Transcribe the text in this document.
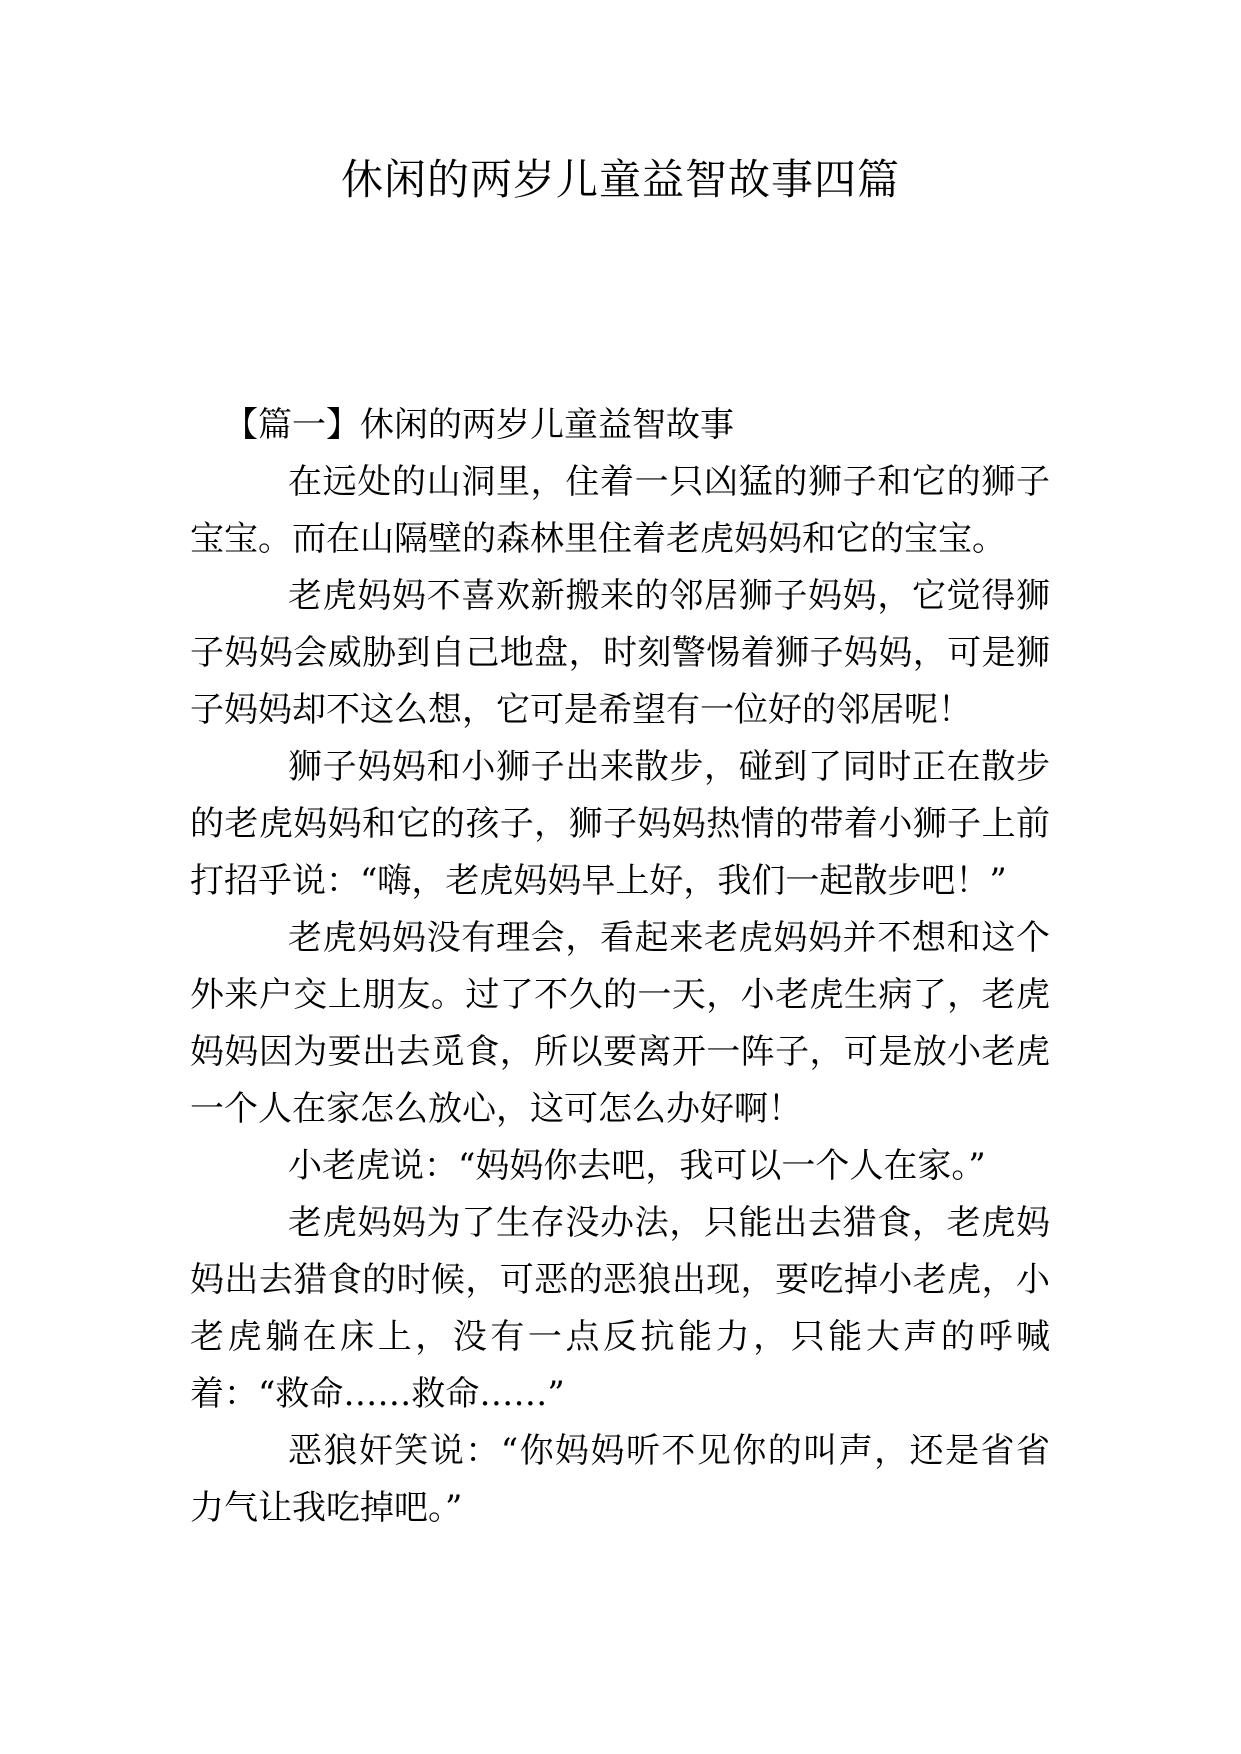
休闲的两岁儿童益智故事四篇
【篇一】休闲的两岁儿童益智故事

在远处的山洞里，住着一只凶猛的狮子和它的狮子宝宝。而在山隔壁的森林里住着老虎妈妈和它的宝宝。

老虎妈妈不喜欢新搬来的邻居狮子妈妈，它觉得狮子妈妈会威胁到自己地盘，时刻警惕着狮子妈妈，可是狮子妈妈却不这么想，它可是希望有一位好的邻居呢！

狮子妈妈和小狮子出来散步，碰到了同时正在散步的老虎妈妈和它的孩子，狮子妈妈热情的带着小狮子上前打招乎说：“嗨，老虎妈妈早上好，我们一起散步吧！”

老虎妈妈没有理会，看起来老虎妈妈并不想和这个外来户交上朋友。过了不久的一天，小老虎生病了，老虎妈妈因为要出去觅食，所以要离开一阵子，可是放小老虎一个人在家怎么放心，这可怎么办好啊！

小老虎说：“妈妈你去吧，我可以一个人在家。”

老虎妈妈为了生存没办法，只能出去猎食，老虎妈妈出去猎食的时候，可恶的恶狼出现，要吃掉小老虎，小老虎躺在床上，没有一点反抗能力，只能大声的呼喊着：“救命……救命……”

恶狼奸笑说：“你妈妈听不见你的叫声，还是省省力气让我吃掉吧。”
